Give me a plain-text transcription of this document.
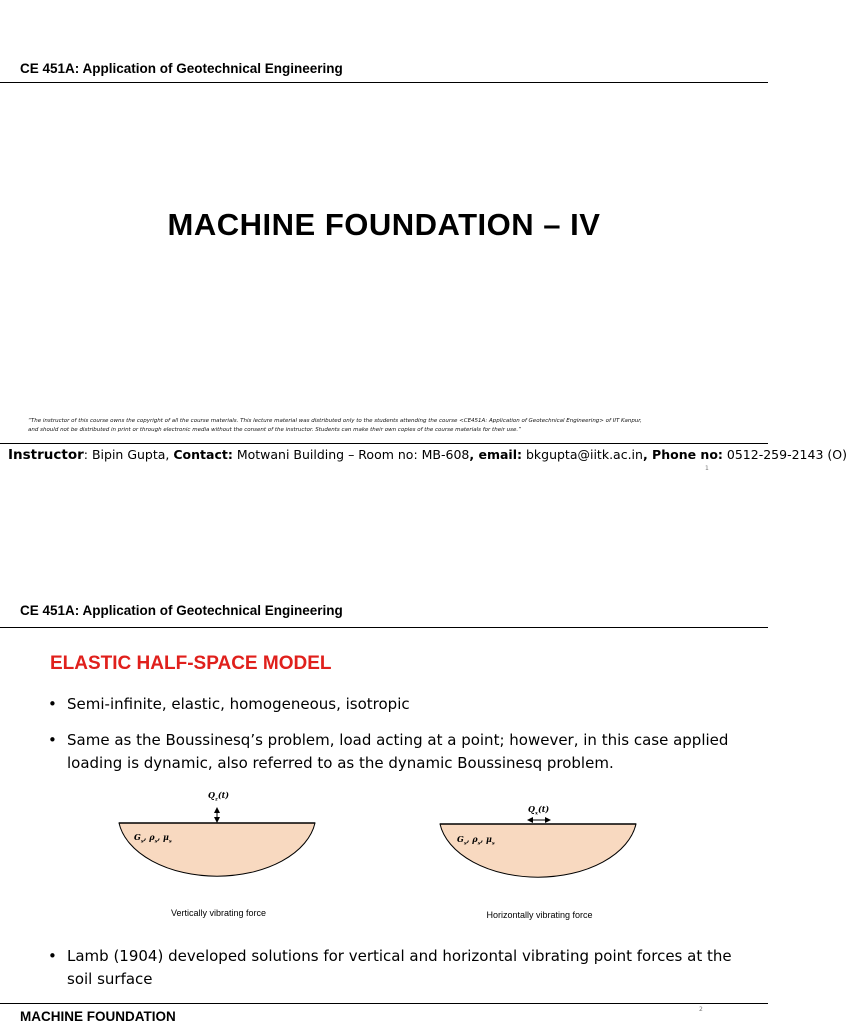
CE 451A: Application of Geotechnical Engineering
MACHINE FOUNDATION – IV
“The instructor of this course owns the copyright of all the course materials. This lecture material was distributed only to the students attending the course <CE451A: Application of Geotechnical Engineering> of IIT Kanpur,
and should not be distributed in print or through electronic media without the consent of the instructor. Students can make their own copies of the course materials for their use.”
Instructor: Bipin Gupta, Contact: Motwani Building – Room no: MB-608, email: bkgupta@iitk.ac.in, Phone no: 0512-259-2143 (O)
1
CE 451A: Application of Geotechnical Engineering
ELASTIC HALF-SPACE MODEL
• Semi-infinite, elastic, homogeneous, isotropic
• Same as the Boussinesq’s problem, load acting at a point; however, in this case applied loading is dynamic, also referred to as the dynamic Boussinesq problem.
$Q_z(t)$
$G_s$, $\rho_s$, $\mu_s$
Vertically vibrating force
$Q_x(t)$
$G_s$, $\rho_s$, $\mu_s$
Horizontally vibrating force
• Lamb (1904) developed solutions for vertical and horizontal vibrating point forces at the soil surface
MACHINE FOUNDATION	2
